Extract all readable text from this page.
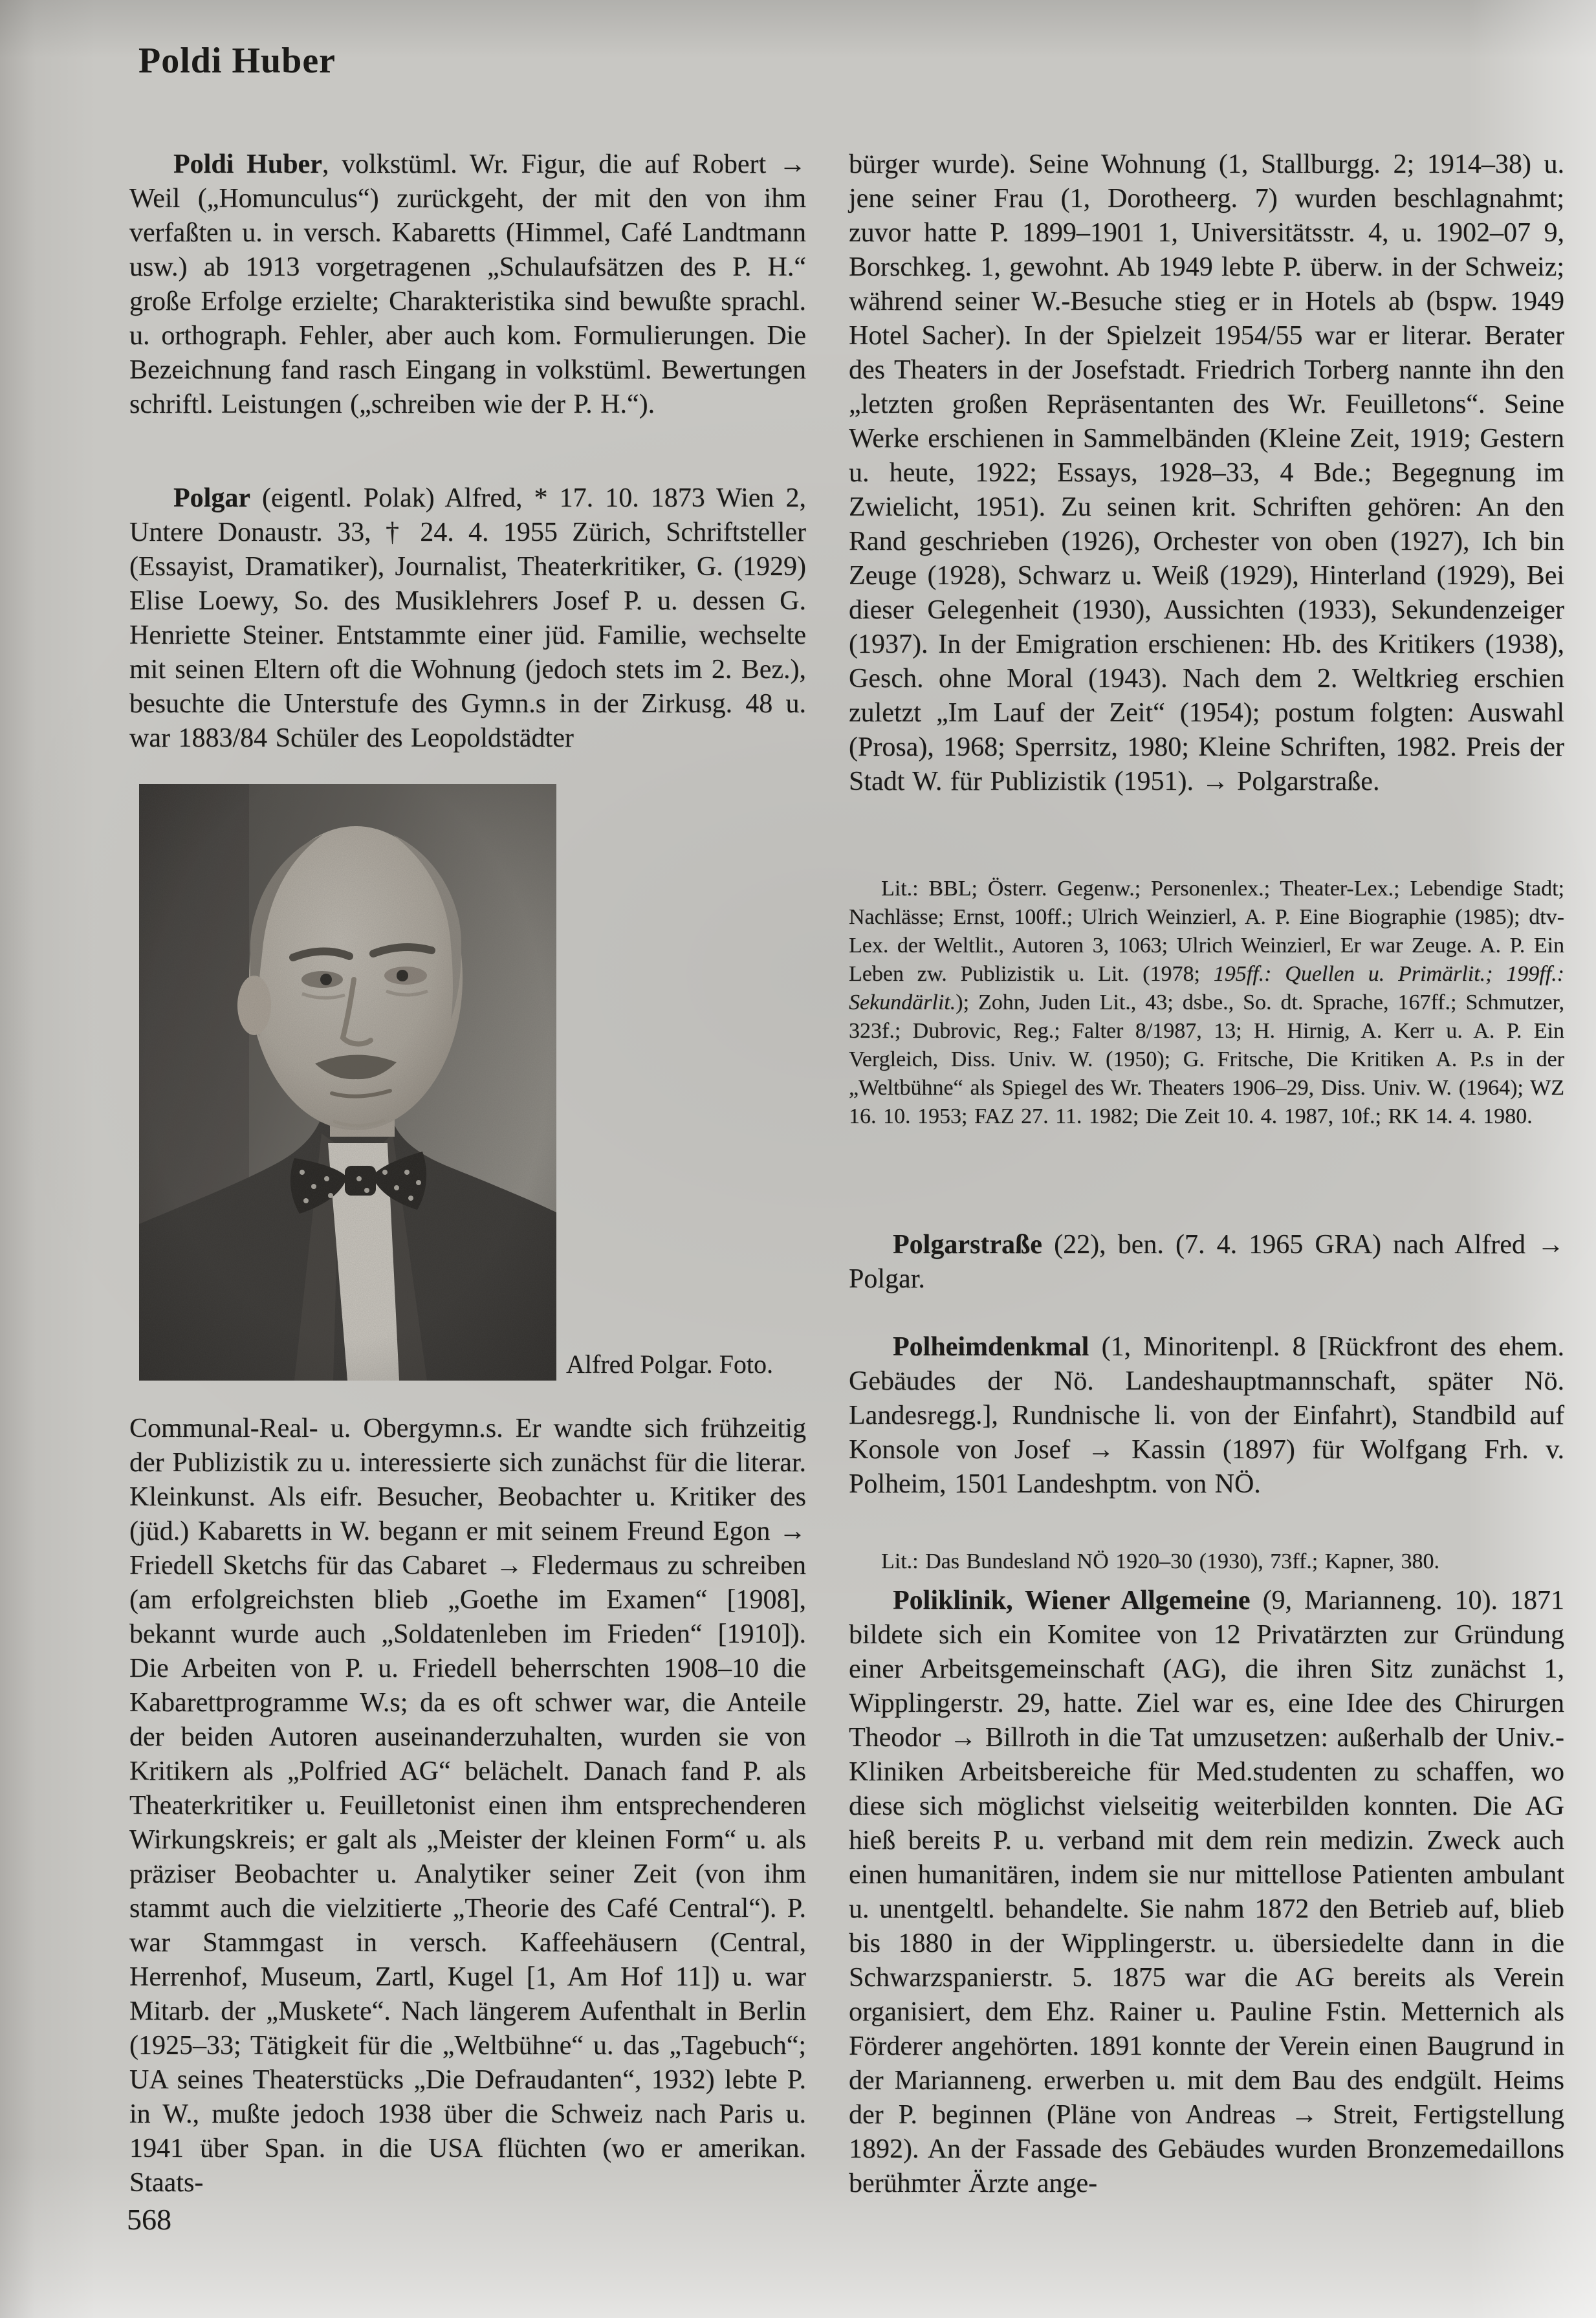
Poldi Huber

Poldi Huber, volkstüml. Wr. Figur, die auf Robert → Weil („Homunculus“) zurückgeht, der mit den von ihm verfaßten u. in versch. Kabaretts (Himmel, Café Landtmann usw.) ab 1913 vorgetragenen „Schulaufsätzen des P. H.“ große Erfolge erzielte; Charakteristika sind bewußte sprachl. u. orthograph. Fehler, aber auch kom. Formulierungen. Die Bezeichnung fand rasch Eingang in volkstüml. Bewertungen schriftl. Leistungen („schreiben wie der P. H.“).

Polgar (eigentl. Polak) Alfred, * 17. 10. 1873 Wien 2, Untere Donaustr. 33, † 24. 4. 1955 Zürich, Schriftsteller (Essayist, Dramatiker), Journalist, Theaterkritiker, G. (1929) Elise Loewy, So. des Musiklehrers Josef P. u. dessen G. Henriette Steiner. Entstammte einer jüd. Familie, wechselte mit seinen Eltern oft die Wohnung (jedoch stets im 2. Bez.), besuchte die Unterstufe des Gymn.s in der Zirkusg. 48 u. war 1883/84 Schüler des Leopoldstädter

Alfred Polgar. Foto.

Communal-Real- u. Obergymn.s. Er wandte sich frühzeitig der Publizistik zu u. interessierte sich zunächst für die literar. Kleinkunst. Als eifr. Besucher, Beobachter u. Kritiker des (jüd.) Kabaretts in W. begann er mit seinem Freund Egon → Friedell Sketchs für das Cabaret → Fledermaus zu schreiben (am erfolgreichsten blieb „Goethe im Examen“ [1908], bekannt wurde auch „Soldatenleben im Frieden“ [1910]). Die Arbeiten von P. u. Friedell beherrschten 1908–10 die Kabarettprogramme W.s; da es oft schwer war, die Anteile der beiden Autoren auseinanderzuhalten, wurden sie von Kritikern als „Polfried AG“ belächelt. Danach fand P. als Theaterkritiker u. Feuilletonist einen ihm entsprechenderen Wirkungskreis; er galt als „Meister der kleinen Form“ u. als präziser Beobachter u. Analytiker seiner Zeit (von ihm stammt auch die vielzitierte „Theorie des Café Central“). P. war Stammgast in versch. Kaffeehäusern (Central, Herrenhof, Museum, Zartl, Kugel [1, Am Hof 11]) u. war Mitarb. der „Muskete“. Nach längerem Aufenthalt in Berlin (1925–33; Tätigkeit für die „Weltbühne“ u. das „Tagebuch“; UA seines Theaterstücks „Die Defraudanten“, 1932) lebte P. in W., mußte jedoch 1938 über die Schweiz nach Paris u. 1941 über Span. in die USA flüchten (wo er amerikan. Staats-

bürger wurde). Seine Wohnung (1, Stallburgg. 2; 1914–38) u. jene seiner Frau (1, Dorotheerg. 7) wurden beschlagnahmt; zuvor hatte P. 1899–1901 1, Universitätsstr. 4, u. 1902–07 9, Borschkeg. 1, gewohnt. Ab 1949 lebte P. überw. in der Schweiz; während seiner W.-Besuche stieg er in Hotels ab (bspw. 1949 Hotel Sacher). In der Spielzeit 1954/55 war er literar. Berater des Theaters in der Josefstadt. Friedrich Torberg nannte ihn den „letzten großen Repräsentanten des Wr. Feuilletons“. Seine Werke erschienen in Sammelbänden (Kleine Zeit, 1919; Gestern u. heute, 1922; Essays, 1928–33, 4 Bde.; Begegnung im Zwielicht, 1951). Zu seinen krit. Schriften gehören: An den Rand geschrieben (1926), Orchester von oben (1927), Ich bin Zeuge (1928), Schwarz u. Weiß (1929), Hinterland (1929), Bei dieser Gelegenheit (1930), Aussichten (1933), Sekundenzeiger (1937). In der Emigration erschienen: Hb. des Kritikers (1938), Gesch. ohne Moral (1943). Nach dem 2. Weltkrieg erschien zuletzt „Im Lauf der Zeit“ (1954); postum folgten: Auswahl (Prosa), 1968; Sperrsitz, 1980; Kleine Schriften, 1982. Preis der Stadt W. für Publizistik (1951). → Polgarstraße.

Lit.: BBL; Österr. Gegenw.; Personenlex.; Theater-Lex.; Lebendige Stadt; Nachlässe; Ernst, 100ff.; Ulrich Weinzierl, A. P. Eine Biographie (1985); dtv-Lex. der Weltlit., Autoren 3, 1063; Ulrich Weinzierl, Er war Zeuge. A. P. Ein Leben zw. Publizistik u. Lit. (1978; 195ff.: Quellen u. Primärlit.; 199ff.: Sekundärlit.); Zohn, Juden Lit., 43; dsbe., So. dt. Sprache, 167ff.; Schmutzer, 323f.; Dubrovic, Reg.; Falter 8/1987, 13; H. Hirnig, A. Kerr u. A. P. Ein Vergleich, Diss. Univ. W. (1950); G. Fritsche, Die Kritiken A. P.s in der „Weltbühne“ als Spiegel des Wr. Theaters 1906–29, Diss. Univ. W. (1964); WZ 16. 10. 1953; FAZ 27. 11. 1982; Die Zeit 10. 4. 1987, 10f.; RK 14. 4. 1980.

Polgarstraße (22), ben. (7. 4. 1965 GRA) nach Alfred → Polgar.

Polheimdenkmal (1, Minoritenpl. 8 [Rückfront des ehem. Gebäudes der Nö. Landeshauptmannschaft, später Nö. Landesregg.], Rundnische li. von der Einfahrt), Standbild auf Konsole von Josef → Kassin (1897) für Wolfgang Frh. v. Polheim, 1501 Landeshptm. von NÖ.

Lit.: Das Bundesland NÖ 1920–30 (1930), 73ff.; Kapner, 380.

Poliklinik, Wiener Allgemeine (9, Marianneng. 10). 1871 bildete sich ein Komitee von 12 Privatärzten zur Gründung einer Arbeitsgemeinschaft (AG), die ihren Sitz zunächst 1, Wipplingerstr. 29, hatte. Ziel war es, eine Idee des Chirurgen Theodor → Billroth in die Tat umzusetzen: außerhalb der Univ.-Kliniken Arbeitsbereiche für Med.studenten zu schaffen, wo diese sich möglichst vielseitig weiterbilden konnten. Die AG hieß bereits P. u. verband mit dem rein medizin. Zweck auch einen humanitären, indem sie nur mittellose Patienten ambulant u. unentgeltl. behandelte. Sie nahm 1872 den Betrieb auf, blieb bis 1880 in der Wipplingerstr. u. übersiedelte dann in die Schwarzspanierstr. 5. 1875 war die AG bereits als Verein organisiert, dem Ehz. Rainer u. Pauline Fstin. Metternich als Förderer angehörten. 1891 konnte der Verein einen Baugrund in der Marianneng. erwerben u. mit dem Bau des endgült. Heims der P. beginnen (Pläne von Andreas → Streit, Fertigstellung 1892). An der Fassade des Gebäudes wurden Bronzemedaillons berühmter Ärzte ange-

568
